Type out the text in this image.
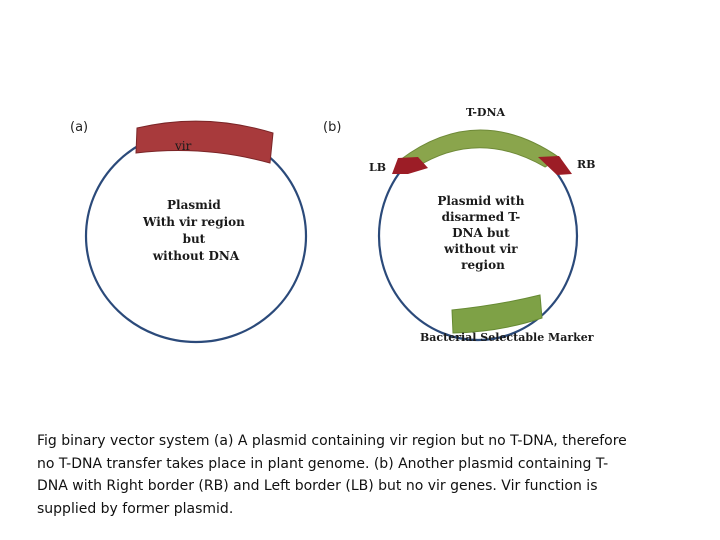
(a)
vir
Plasmid With vir region but without DNA
(b)
T-DNA
LB	RB
Plasmid with disarmed T- DNA but without vir region
Bacterial Selectable Marker
Fig binary vector system (a) A plasmid containing vir region but no T-DNA, therefore
no T-DNA transfer takes place in plant genome. (b) Another plasmid containing T-
DNA with Right border (RB) and Left border (LB) but no vir genes. Vir function is
supplied by former plasmid.
